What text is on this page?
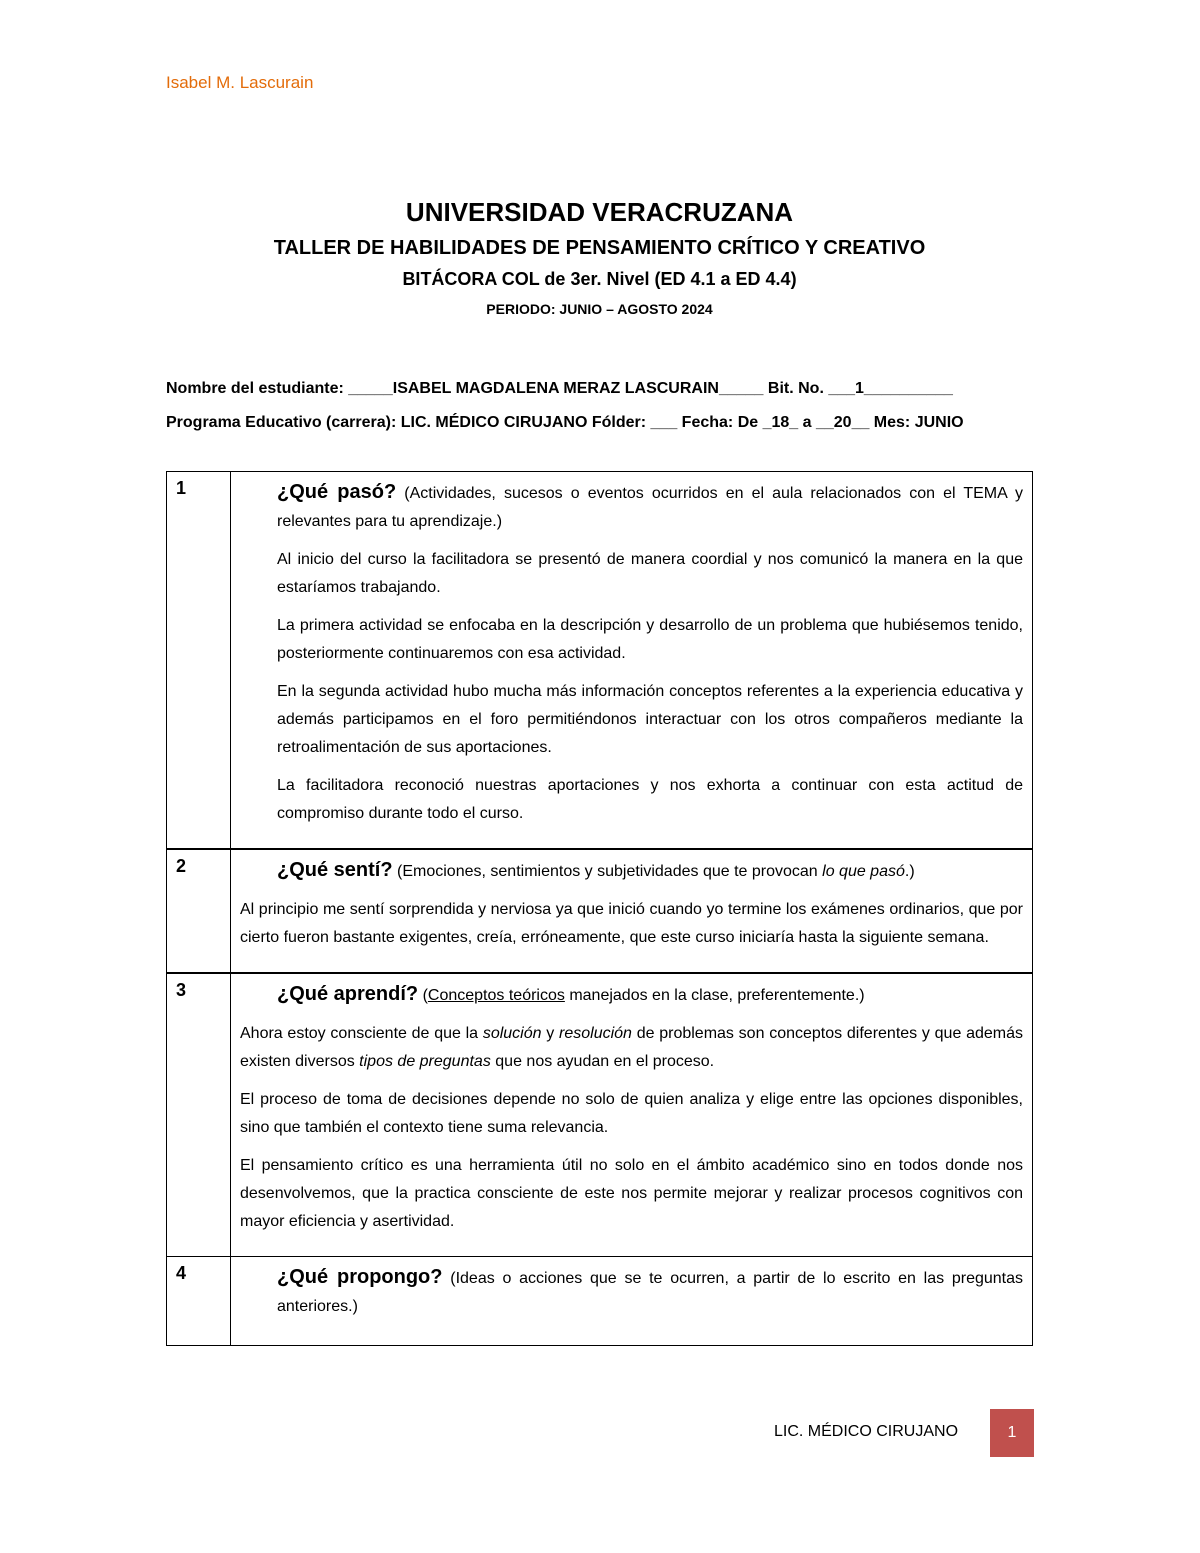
Isabel M. Lascurain
UNIVERSIDAD VERACRUZANA
TALLER DE HABILIDADES DE PENSAMIENTO CRÍTICO Y CREATIVO
BITÁCORA COL de 3er. Nivel (ED 4.1 a ED 4.4)
PERIODO: JUNIO – AGOSTO 2024
Nombre del estudiante: _____ISABEL MAGDALENA MERAZ LASCURAIN_____ Bit. No. ___1__________
Programa Educativo (carrera): LIC. MÉDICO CIRUJANO Fólder: ___ Fecha: De _18_ a __20__ Mes: JUNIO
1	¿Qué pasó? (Actividades, sucesos o eventos ocurridos en el aula relacionados con el TEMA y relevantes para tu aprendizaje.)

Al inicio del curso la facilitadora se presentó de manera coordial y nos comunicó la manera en la que estaríamos trabajando.

La primera actividad se enfocaba en la descripción y desarrollo de un problema que hubiésemos tenido, posteriormente continuaremos con esa actividad.

En la segunda actividad hubo mucha más información conceptos referentes a la experiencia educativa y además participamos en el foro permitiéndonos interactuar con los otros compañeros mediante la retroalimentación de sus aportaciones.

La facilitadora reconoció nuestras aportaciones y nos exhorta a continuar con esta actitud de compromiso durante todo el curso.

2	¿Qué sentí? (Emociones, sentimientos y subjetividades que te provocan lo que pasó.)

Al principio me sentí sorprendida y nerviosa ya que inició cuando yo termine los exámenes ordinarios, que por cierto fueron bastante exigentes, creía, erróneamente, que este curso iniciaría hasta la siguiente semana.

3	¿Qué aprendí? (Conceptos teóricos manejados en la clase, preferentemente.)

Ahora estoy consciente de que la solución y resolución de problemas son conceptos diferentes y que además existen diversos tipos de preguntas que nos ayudan en el proceso.

El proceso de toma de decisiones depende no solo de quien analiza y elige entre las opciones disponibles, sino que también el contexto tiene suma relevancia.

El pensamiento crítico es una herramienta útil no solo en el ámbito académico sino en todos donde nos desenvolvemos, que la practica consciente de este nos permite mejorar y realizar procesos cognitivos con mayor eficiencia y asertividad.

4	¿Qué propongo? (Ideas o acciones que se te ocurren, a partir de lo escrito en las preguntas anteriores.)

LIC. MÉDICO CIRUJANO	1
